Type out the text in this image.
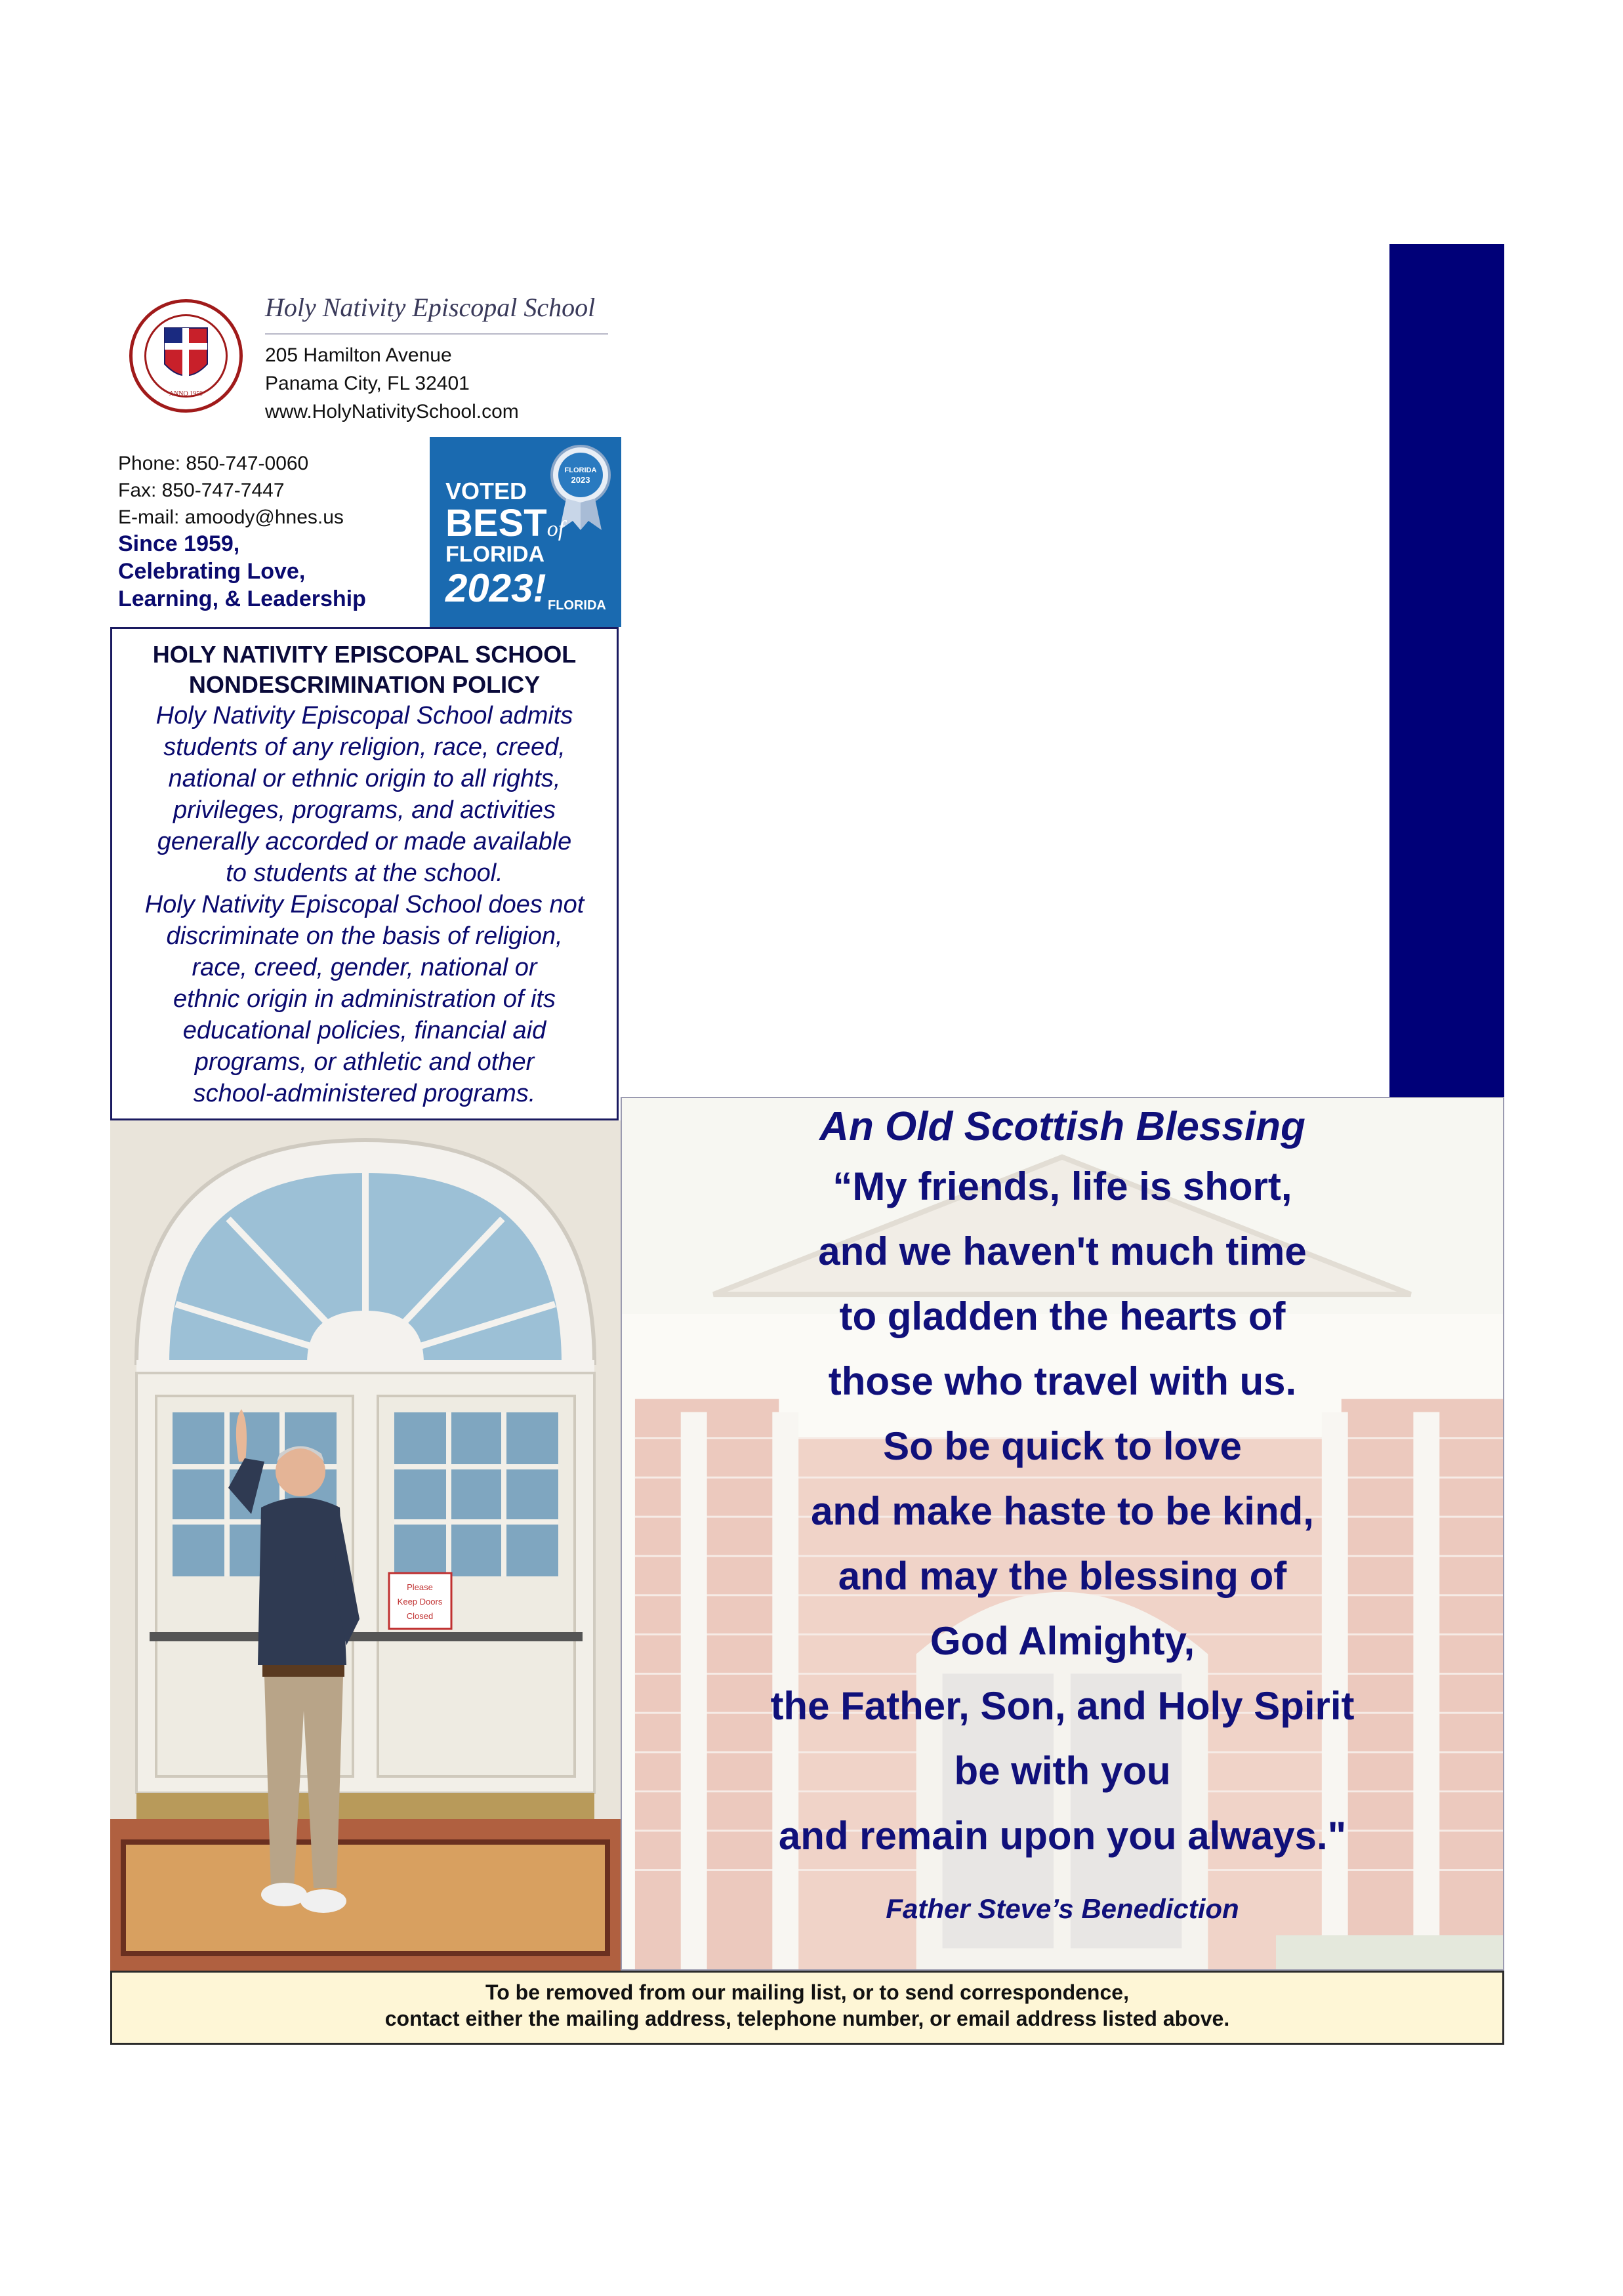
ANNO 1959
Holy Nativity Episcopal School
205 Hamilton Avenue
Panama City, FL 32401
www.HolyNativitySchool.com
Phone: 850-747-0060
Fax: 850-747-7447
E-mail: amoody@hnes.us
Since 1959,
Celebrating Love,
Learning, & Leadership
FLORIDA
2023
VOTED
BESTof
FLORIDA
2023! FLORIDA
HOLY NATIVITY EPISCOPAL SCHOOL
NONDESCRIMINATION POLICY
Holy Nativity Episcopal School admits
students of any religion, race, creed,
national or ethnic origin to all rights,
privileges, programs, and activities
generally accorded or made available
to students at the school.
Holy Nativity Episcopal School does not
discriminate on the basis of religion,
race, creed, gender, national or
ethnic origin in administration of its
educational policies, financial aid
programs, or athletic and other
school-administered programs.
Please
Keep Doors
Closed
An Old Scottish Blessing
“My friends, life is short,
and we haven't much time
to gladden the hearts of
those who travel with us.
So be quick to love
and make haste to be kind,
and may the blessing of
God Almighty,
the Father, Son, and Holy Spirit
be with you
and remain upon you always."
Father Steve’s Benediction
To be removed from our mailing list, or to send correspondence,
contact either the mailing address, telephone number, or email address listed above.
